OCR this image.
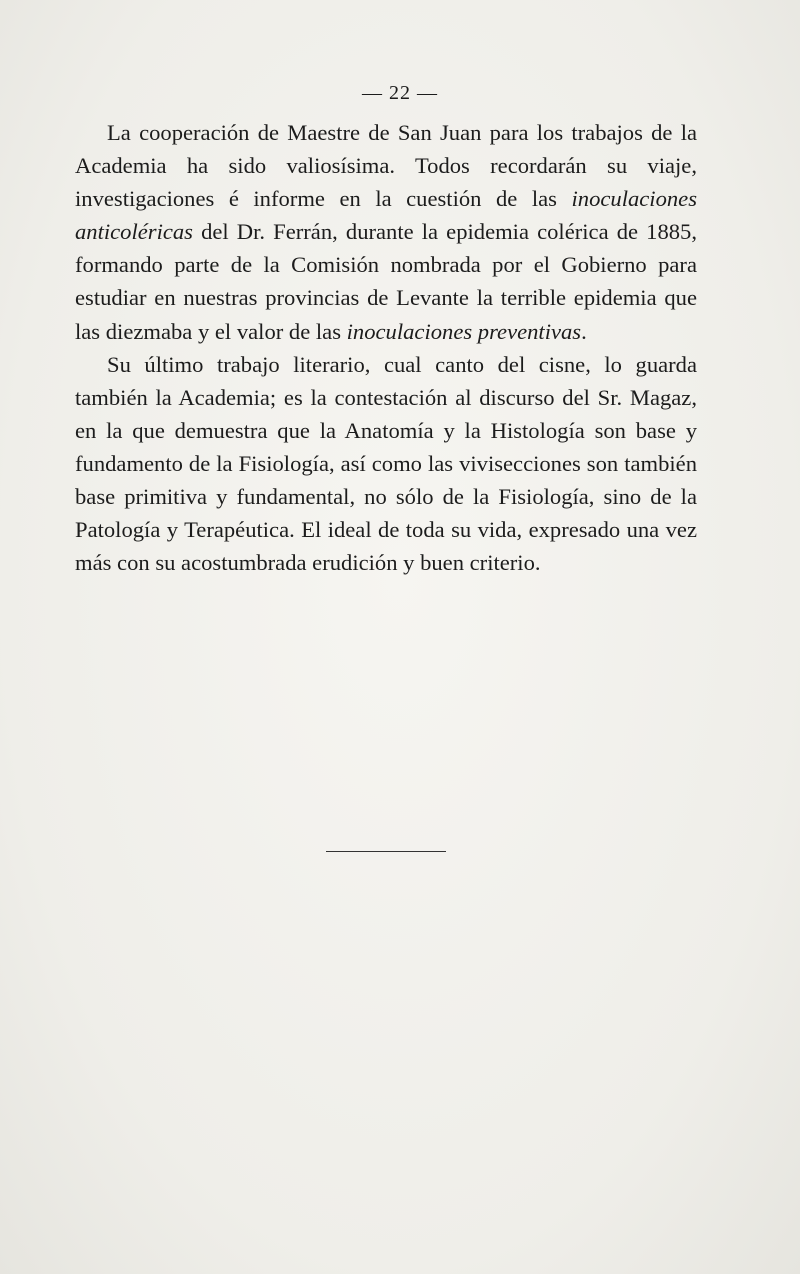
— 22 —

La cooperación de Maestre de San Juan para los trabajos de la Academia ha sido valiosísima. Todos recordarán su viaje, investigaciones é informe en la cuestión de las inoculaciones anticoléricas del Dr. Ferrán, durante la epidemia colérica de 1885, formando parte de la Comisión nombrada por el Gobierno para estudiar en nuestras provincias de Levante la terrible epidemia que las diezmaba y el valor de las inoculaciones preventivas.

Su último trabajo literario, cual canto del cisne, lo guarda también la Academia; es la contestación al discurso del Sr. Magaz, en la que demuestra que la Anatomía y la Histología son base y fundamento de la Fisiología, así como las vivisecciones son también base primitiva y fundamental, no sólo de la Fisiología, sino de la Patología y Terapéutica. El ideal de toda su vida, expresado una vez más con su acostumbrada erudición y buen criterio.
